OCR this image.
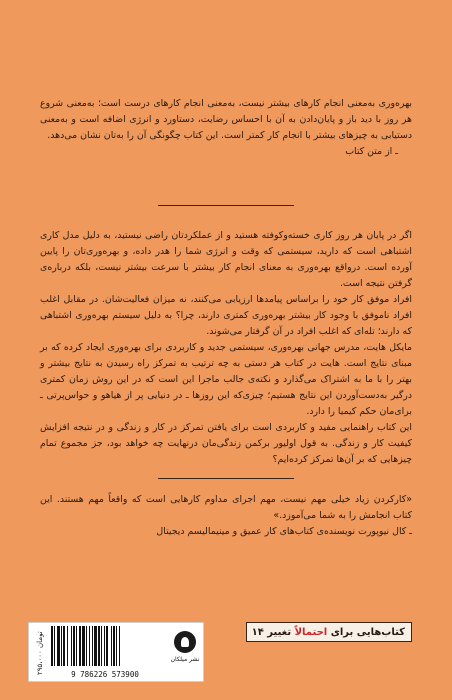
بهره‌وری به‌معنی انجام کارهای بیشتر نیست، به‌معنی انجام کارهای درست است؛ به‌معنی شروع هر روز با دید باز و پایان‌دادن به آن با احساس رضایت، دستاورد و انرژی اضافه است و به‌معنی دستیابی به چیزهای بیشتر با انجام کار کمتر است. این کتاب چگونگی آن را به‌تان نشان می‌دهد.

ـ از متن کتاب

اگر در پایان هر روز کاری خسته‌وکوفته هستید و از عملکردتان راضی نیستید، به دلیل مدل کاری اشتباهی است که دارید، سیستمی که وقت و انرژی شما را هدر داده، و بهره‌وری‌تان را پایین آورده است. درواقع بهره‌وری به معنای انجام کار بیشتر با سرعت بیشتر نیست، بلکه درباره‌ی گرفتن نتیجه است.

افراد موفق کار خود را براساس پیامدها ارزیابی می‌کنند، نه میزان فعالیت‌شان. در مقابل اغلب افراد ناموفق با وجود کار بیشتر بهره‌وری کمتری دارند، چرا؟ به دلیل سیستم بهره‌وری اشتباهی که دارند؛ تله‌ای که اغلب افراد در آن گرفتار می‌شوند.

مایکل هایت، مدرس جهانی بهره‌وری، سیستمی جدید و کاربردی برای بهره‌وری ایجاد کرده که بر مبنای نتایج است. هایت در کتاب هر دستی به چه ترتیب به تمرکز راه رسیدن به نتایج بیشتر و بهتر را با ما به اشتراک می‌گذارد و نکته‌ی جالب ماجرا این است که در این روش زمان کمتری درگیر به‌دست‌آوردن این نتایج هستیم؛ چیزی‌که این روزها ـ در دنیایی پر از هیاهو و حواس‌پرتی ـ برای‌مان حکم کیمیا را دارد.

این کتاب راهنمایی مفید و کاربردی است برای یافتن تمرکز در کار و زندگی و در نتیجه افزایش کیفیت کار و زندگی. به قول اولیور برکمن زندگی‌مان درنهایت چه خواهد بود، جز مجموع تمام چیزهایی که بر آن‌ها تمرکز کرده‌ایم؟

«کارکردن زیاد خیلی مهم نیست، مهم اجرای مداوم کارهایی است که واقعاً مهم هستند. این کتاب انجامش را به شما می‌آموزد.»

ـ کال نیوپورت نویسنده‌ی کتاب‌های کار عمیق و مینیمالیسم دیجیتال

کتاب‌هایی برای احتمالاً تغییر ۱۴
۲۹۵،۰۰۰ تومان
9 786226 573900
نشر میلکان
